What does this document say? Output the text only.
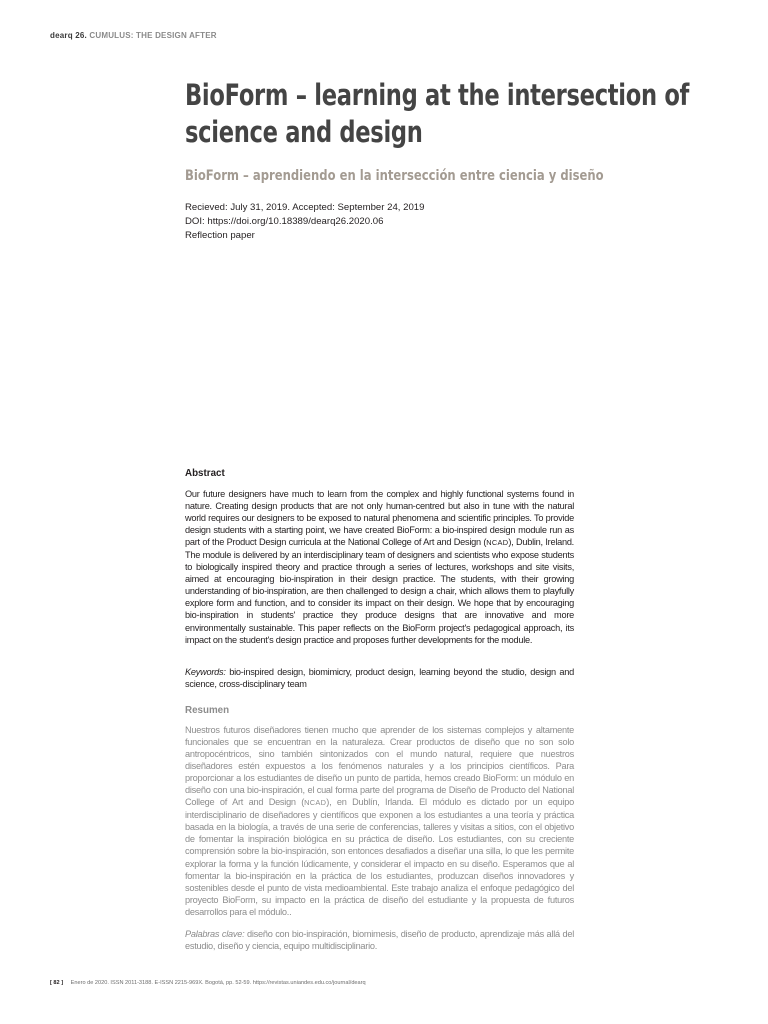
dearq 26. CUMULUS: THE DESIGN AFTER
BioForm – learning at the intersection of science and design
BioForm – aprendiendo en la intersección entre ciencia y diseño
Recieved: July 31, 2019. Accepted: September 24, 2019
DOI: https://doi.org/10.18389/dearq26.2020.06
Reflection paper
Abstract

Our future designers have much to learn from the complex and highly functional systems found in nature. Creating design products that are not only human-centred but also in tune with the natural world requires our designers to be exposed to natural phenomena and scientific principles. To provide design students with a starting point, we have created BioForm: a bio-inspired design module run as part of the Product Design curricula at the National College of Art and Design (NCAD), Dublin, Ireland. The module is delivered by an interdisciplinary team of designers and scientists who expose students to biologically inspired theory and practice through a series of lectures, workshops and site visits, aimed at encouraging bio-inspiration in their design practice. The students, with their growing understanding of bio-inspiration, are then challenged to design a chair, which allows them to playfully explore form and function, and to consider its impact on their design. We hope that by encouraging bio-inspiration in students' practice they produce designs that are innovative and more environmentally sustainable. This paper reflects on the BioForm project's pedagogical approach, its impact on the student's design practice and proposes further developments for the module.

Keywords: bio-inspired design, biomimicry, product design, learning beyond the studio, design and science, cross-disciplinary team

Resumen

Nuestros futuros diseñadores tienen mucho que aprender de los sistemas complejos y altamente funcionales que se encuentran en la naturaleza. Crear productos de diseño que no son solo antropocéntricos, sino también sintonizados con el mundo natural, requiere que nuestros diseñadores estén expuestos a los fenómenos naturales y a los principios científicos. Para proporcionar a los estudiantes de diseño un punto de partida, hemos creado BioForm: un módulo en diseño con una bio-inspiración, el cual forma parte del programa de Diseño de Producto del National College of Art and Design (NCAD), en Dublín, Irlanda. El módulo es dictado por un equipo interdisciplinario de diseñadores y científicos que exponen a los estudiantes a una teoría y práctica basada en la biología, a través de una serie de conferencias, talleres y visitas a sitios, con el objetivo de fomentar la inspiración biológica en su práctica de diseño. Los estudiantes, con su creciente comprensión sobre la bio-inspiración, son entonces desafiados a diseñar una silla, lo que les permite explorar la forma y la función lúdicamente, y considerar el impacto en su diseño. Esperamos que al fomentar la bio-inspiración en la práctica de los estudiantes, produzcan diseños innovadores y sostenibles desde el punto de vista medioambiental. Este trabajo analiza el enfoque pedagógico del proyecto BioForm, su impacto en la práctica de diseño del estudiante y la propuesta de futuros desarrollos para el módulo..

Palabras clave: diseño con bio-inspiración, biomimesis, diseño de producto, aprendizaje más allá del estudio, diseño y ciencia, equipo multidisciplinario.

[ 82 ] Enero de 2020. ISSN 2011-3188. E-ISSN 2215-969X. Bogotá, pp. 52-59. https://revistas.uniandes.edu.co/journal/dearq
